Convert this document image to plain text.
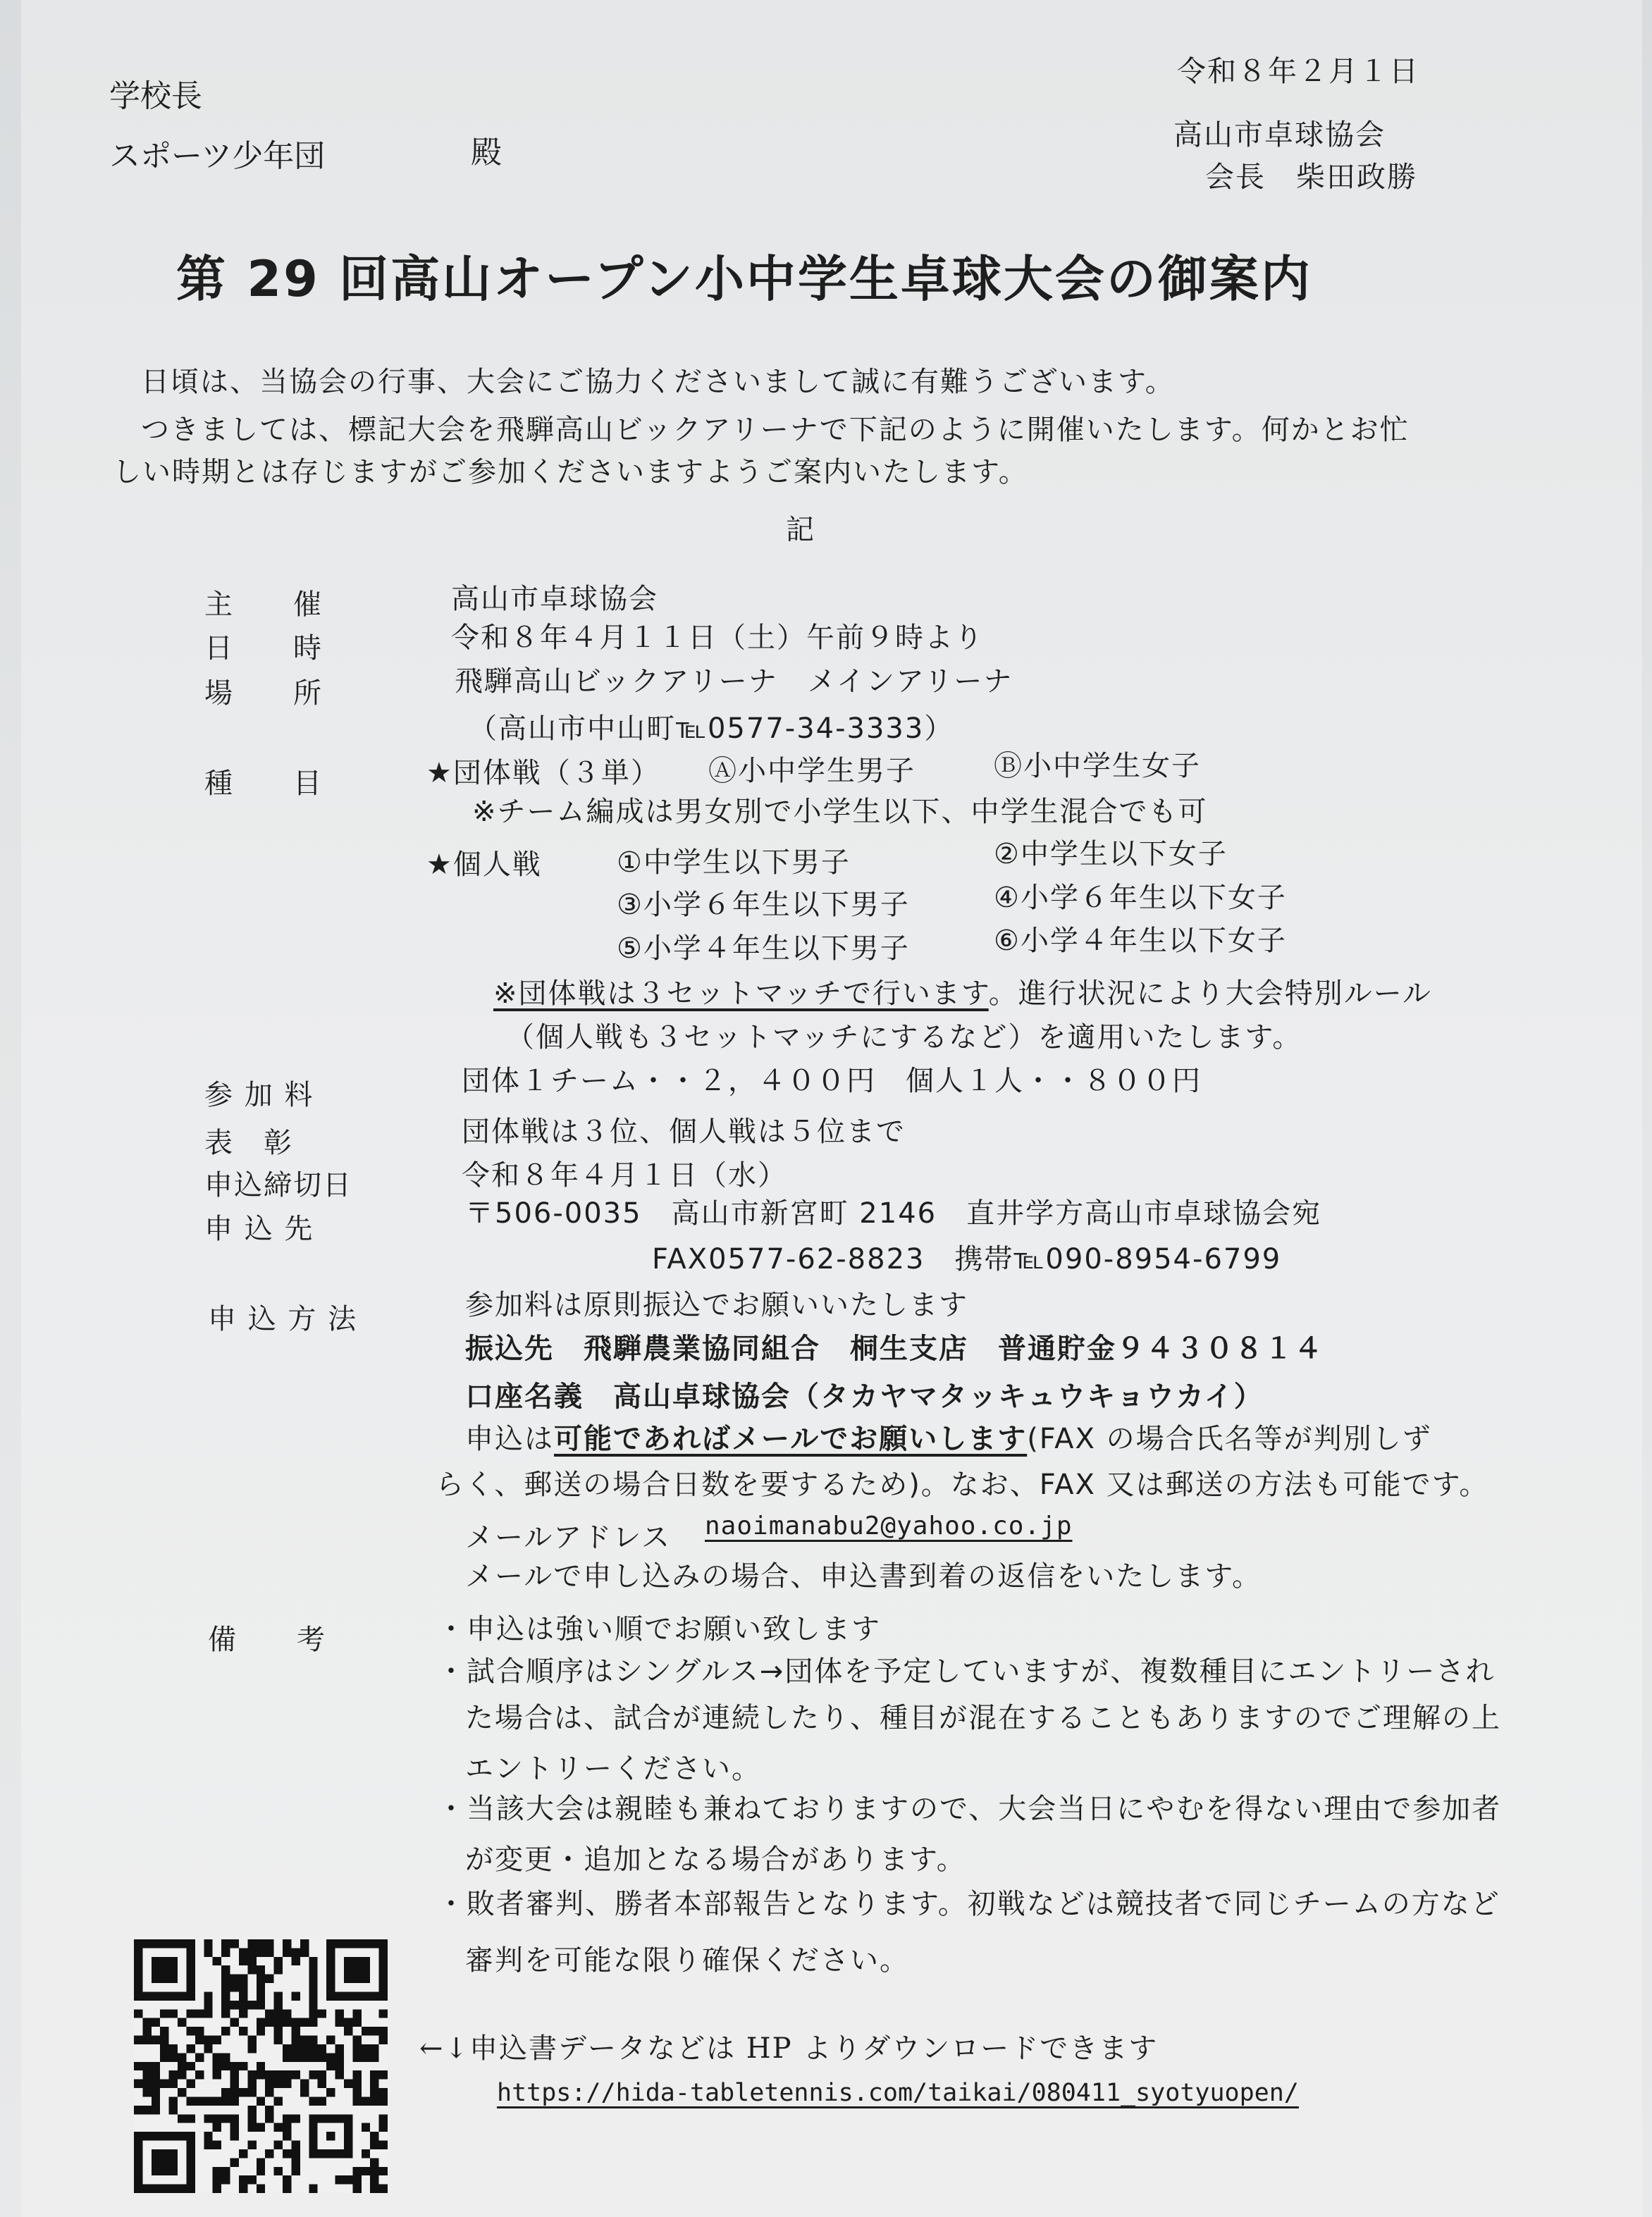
学校長
スポーツ少年団	殿
令和８年２月１日
高山市卓球協会
会長　柴田政勝
第 29 回高山オープン小中学生卓球大会の御案内
日頃は、当協会の行事、大会にご協力くださいまして誠に有難うございます。
つきましては、標記大会を飛騨高山ビックアリーナで下記のように開催いたします。何かとお忙
しい時期とは存じますがご参加くださいますようご案内いたします。
記
主　　催	高山市卓球協会
日　　時	令和８年４月１１日（土）午前９時より
場　　所	飛騨高山ビックアリーナ　メインアリーナ
（高山市中山町℡0577-34-3333）
種　　目	★団体戦（３単） Ⓐ小中学生男子	Ⓑ小中学生女子
※チーム編成は男女別で小学生以下、中学生混合でも可
★個人戦	①中学生以下男子	②中学生以下女子
③小学６年生以下男子	④小学６年生以下女子
⑤小学４年生以下男子	⑥小学４年生以下女子
※団体戦は３セットマッチで行います。進行状況により大会特別ルール
（個人戦も３セットマッチにするなど）を適用いたします。
参 加 料	団体１チーム・・２，４００円　個人１人・・８００円
表　彰	団体戦は３位、個人戦は５位まで
申込締切日	令和８年４月１日（水）
申 込 先	〒506-0035　高山市新宮町 2146　直井学方高山市卓球協会宛
FAX0577-62-8823　携帯℡090-8954-6799
申 込 方 法	参加料は原則振込でお願いいたします
振込先　飛騨農業協同組合　桐生支店　普通貯金９４３０８１４
口座名義　高山卓球協会（タカヤマタッキュウキョウカイ）
申込は可能であればメールでお願いします(FAX の場合氏名等が判別しず
らく、郵送の場合日数を要するため)。なお、FAX 又は郵送の方法も可能です。
メールアドレス naoimanabu2@yahoo.co.jp
メールで申し込みの場合、申込書到着の返信をいたします。
備　　考	・申込は強い順でお願い致します
・試合順序はシングルス→団体を予定していますが、複数種目にエントリーされ
た場合は、試合が連続したり、種目が混在することもありますのでご理解の上
エントリーください。
・当該大会は親睦も兼ねておりますので、大会当日にやむを得ない理由で参加者
が変更・追加となる場合があります。
・敗者審判、勝者本部報告となります。初戦などは競技者で同じチームの方など
審判を可能な限り確保ください。
←↓申込書データなどは HP よりダウンロードできます
https://hida-tabletennis.com/taikai/080411_syotyuopen/
